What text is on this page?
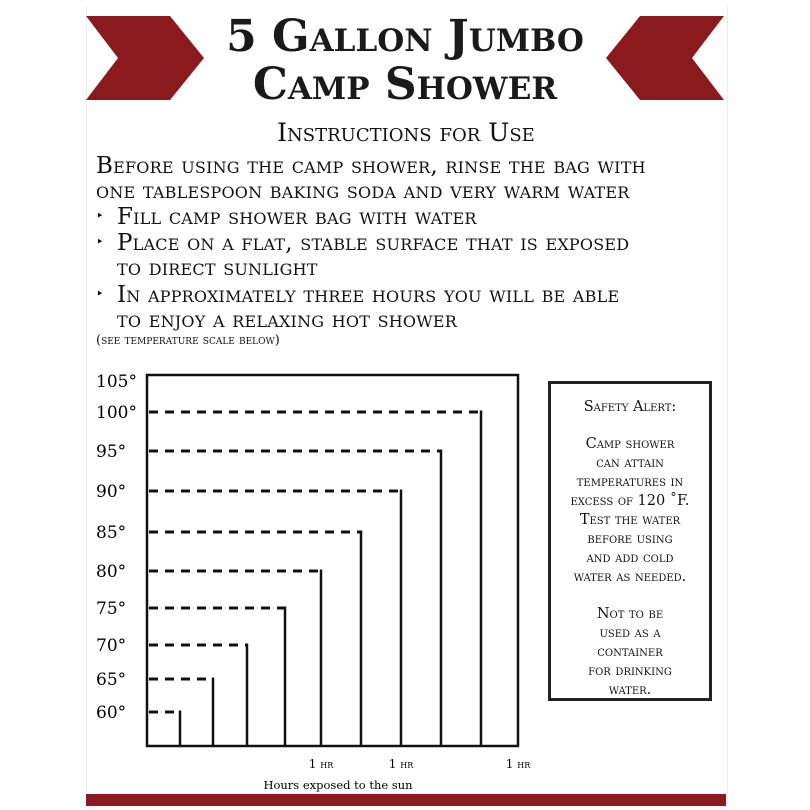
5 Gallon Jumbo
Camp Shower
Instructions for Use
Before using the camp shower, rinse the bag with
one tablespoon baking soda and very warm water
‣ Fill camp shower bag with water
‣ Place on a flat, stable surface that is exposed
to direct sunlight
‣ In approximately three hours you will be able
to enjoy a relaxing hot shower
(see temperature scale below)
105°
100°
95°
90°
85°
80°
75°
70°
65°
60°
1 hr	1 hr	1 hr
Hours exposed to the sun
Safety Alert:
Camp shower
can attain
temperatures in
excess of 120 ˚F.
Test the water
before using
and add cold
water as needed.
Not to be
used as a
container
for drinking
water.
